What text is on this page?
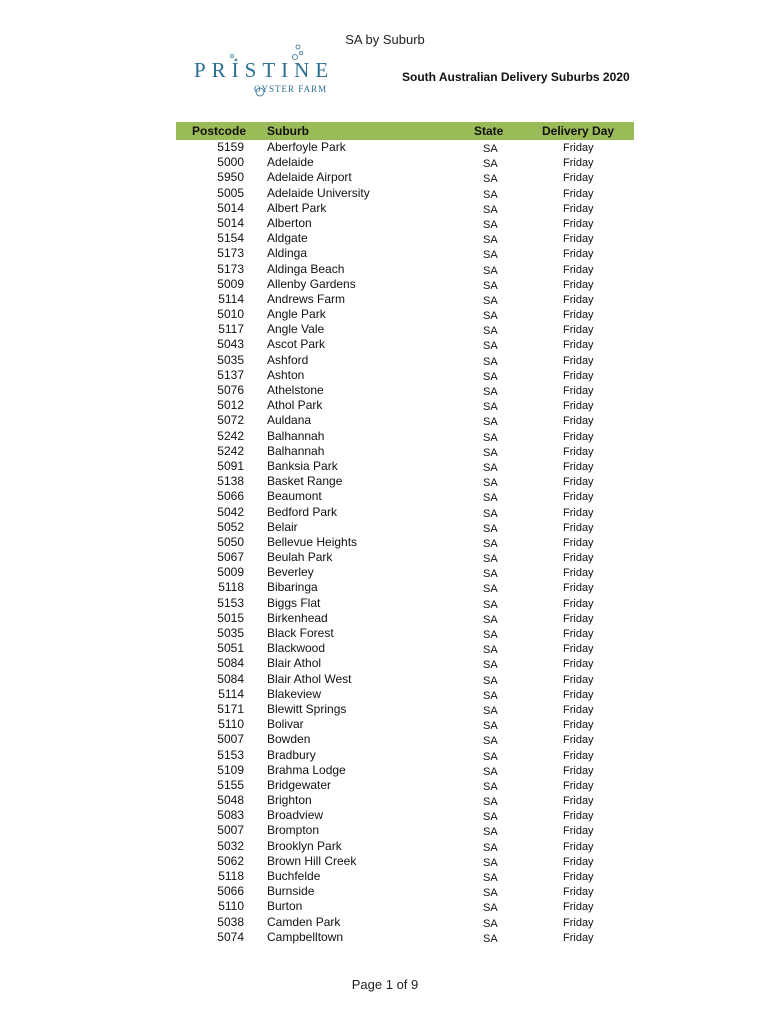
SA by Suburb
PRISTINE
OYSTER FARM
South Australian Delivery Suburbs 2020
Postcode Suburb	State	Delivery Day
5159 Aberfoyle Park	SA	Friday
5000 Adelaide	SA	Friday
5950 Adelaide Airport	SA	Friday
5005 Adelaide University	SA	Friday
5014 Albert Park	SA	Friday
5014 Alberton	SA	Friday
5154 Aldgate	SA	Friday
5173 Aldinga	SA	Friday
5173 Aldinga Beach	SA	Friday
5009 Allenby Gardens	SA	Friday
5114 Andrews Farm	SA	Friday
5010 Angle Park	SA	Friday
5117 Angle Vale	SA	Friday
5043 Ascot Park	SA	Friday
5035 Ashford	SA	Friday
5137 Ashton	SA	Friday
5076 Athelstone	SA	Friday
5012 Athol Park	SA	Friday
5072 Auldana	SA	Friday
5242 Balhannah	SA	Friday
5242 Balhannah	SA	Friday
5091 Banksia Park	SA	Friday
5138 Basket Range	SA	Friday
5066 Beaumont	SA	Friday
5042 Bedford Park	SA	Friday
5052 Belair	SA	Friday
5050 Bellevue Heights	SA	Friday
5067 Beulah Park	SA	Friday
5009 Beverley	SA	Friday
5118 Bibaringa	SA	Friday
5153 Biggs Flat	SA	Friday
5015 Birkenhead	SA	Friday
5035 Black Forest	SA	Friday
5051 Blackwood	SA	Friday
5084 Blair Athol	SA	Friday
5084 Blair Athol West	SA	Friday
5114 Blakeview	SA	Friday
5171 Blewitt Springs	SA	Friday
5110 Bolivar	SA	Friday
5007 Bowden	SA	Friday
5153 Bradbury	SA	Friday
5109 Brahma Lodge	SA	Friday
5155 Bridgewater	SA	Friday
5048 Brighton	SA	Friday
5083 Broadview	SA	Friday
5007 Brompton	SA	Friday
5032 Brooklyn Park	SA	Friday
5062 Brown Hill Creek	SA	Friday
5118 Buchfelde	SA	Friday
5066 Burnside	SA	Friday
5110 Burton	SA	Friday
5038 Camden Park	SA	Friday
5074 Campbelltown	SA	Friday
Page 1 of 9
